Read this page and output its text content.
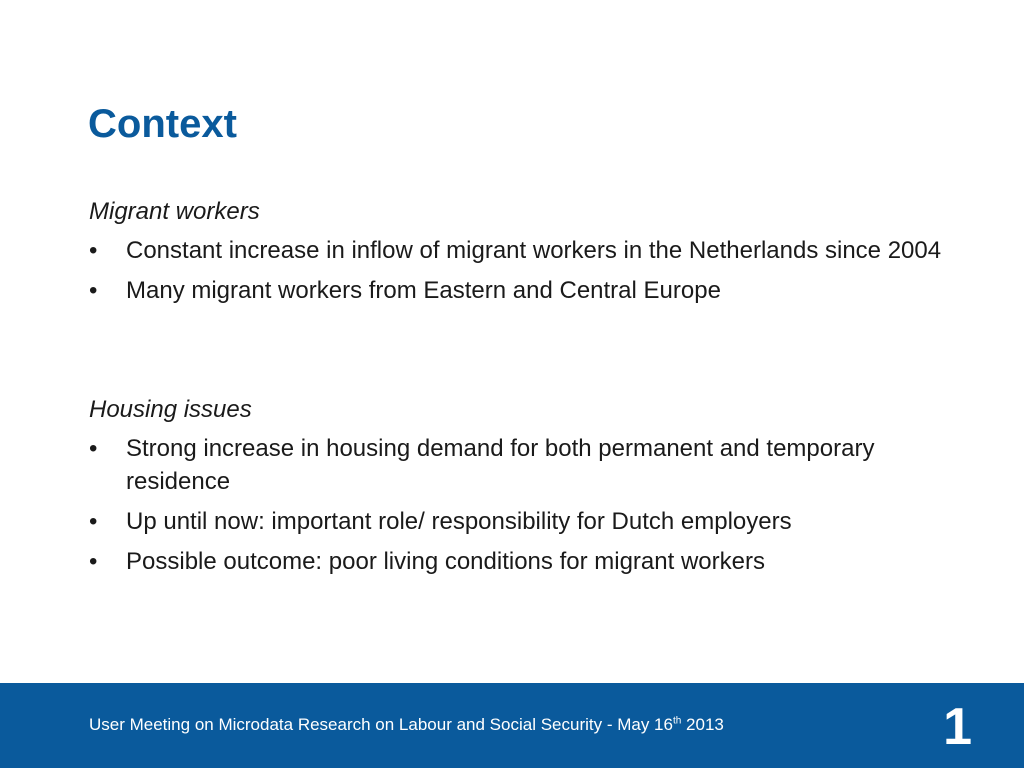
Context

Migrant workers

•	Constant increase in inflow of migrant workers in the Netherlands since 2004
•	Many migrant workers from Eastern and Central Europe

Housing issues

•	Strong increase in housing demand for both permanent and temporary residence
•	Up until now: important role/ responsibility for Dutch employers
•	Possible outcome: poor living conditions for migrant workers
User Meeting on Microdata Research on Labour and Social Security - May 16th 2013	1
